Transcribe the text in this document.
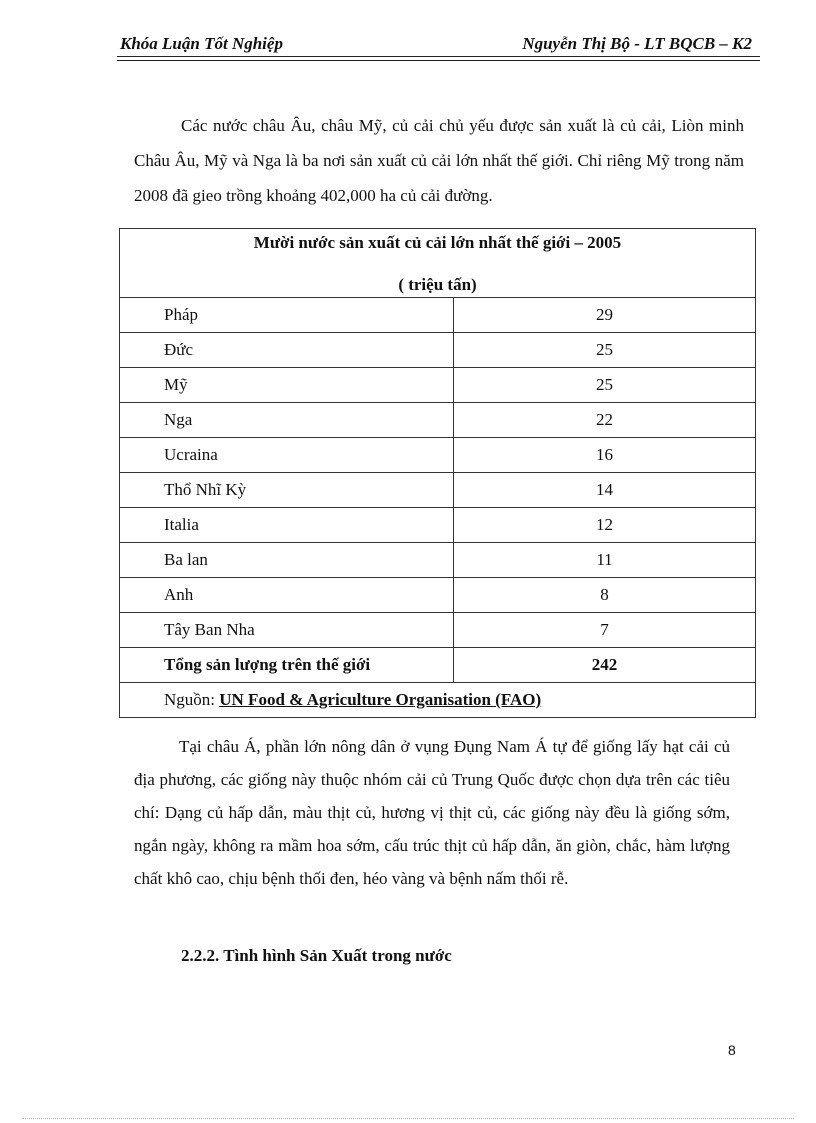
Khóa Luận Tốt Nghiệp	Nguyễn Thị Bộ - LT BQCB – K2

Các nước châu Âu, châu Mỹ, củ cải chủ yếu được sản xuất là củ cải, Liòn minh Châu Âu, Mỹ và Nga là ba nơi sản xuất củ cải lớn nhất thế giới. Chỉ riêng Mỹ trong năm 2008 đã gieo trồng khoảng 402,000 ha củ cải đường.

Mười nước sản xuất củ cải lớn nhất thế giới – 2005
( triệu tấn)	

Pháp	29
Đức	25
Mỹ	25
Nga	22
Ucraina	16
Thổ Nhĩ Kỳ	14
Italia	12
Ba lan	11
Anh	8
Tây Ban Nha	7
Tổng sản lượng trên thế giới	242
Nguồn: UN Food & Agriculture Organisation (FAO)	

Tại châu Á, phần lớn nông dân ở vụng Đụng Nam Á tự để giống lấy hạt cải củ địa phương, các giống này thuộc nhóm cải củ Trung Quốc được chọn dựa trên các tiêu chí: Dạng củ hấp dẫn, màu thịt củ, hương vị thịt củ, các giống này đều là giống sớm, ngắn ngày, không ra mầm hoa sớm, cấu trúc thịt củ hấp dẫn, ăn giòn, chắc, hàm lượng chất khô cao, chịu bệnh thối đen, héo vàng và bệnh nấm thối rễ.

2.2.2. Tình hình Sản Xuất trong nước
8
